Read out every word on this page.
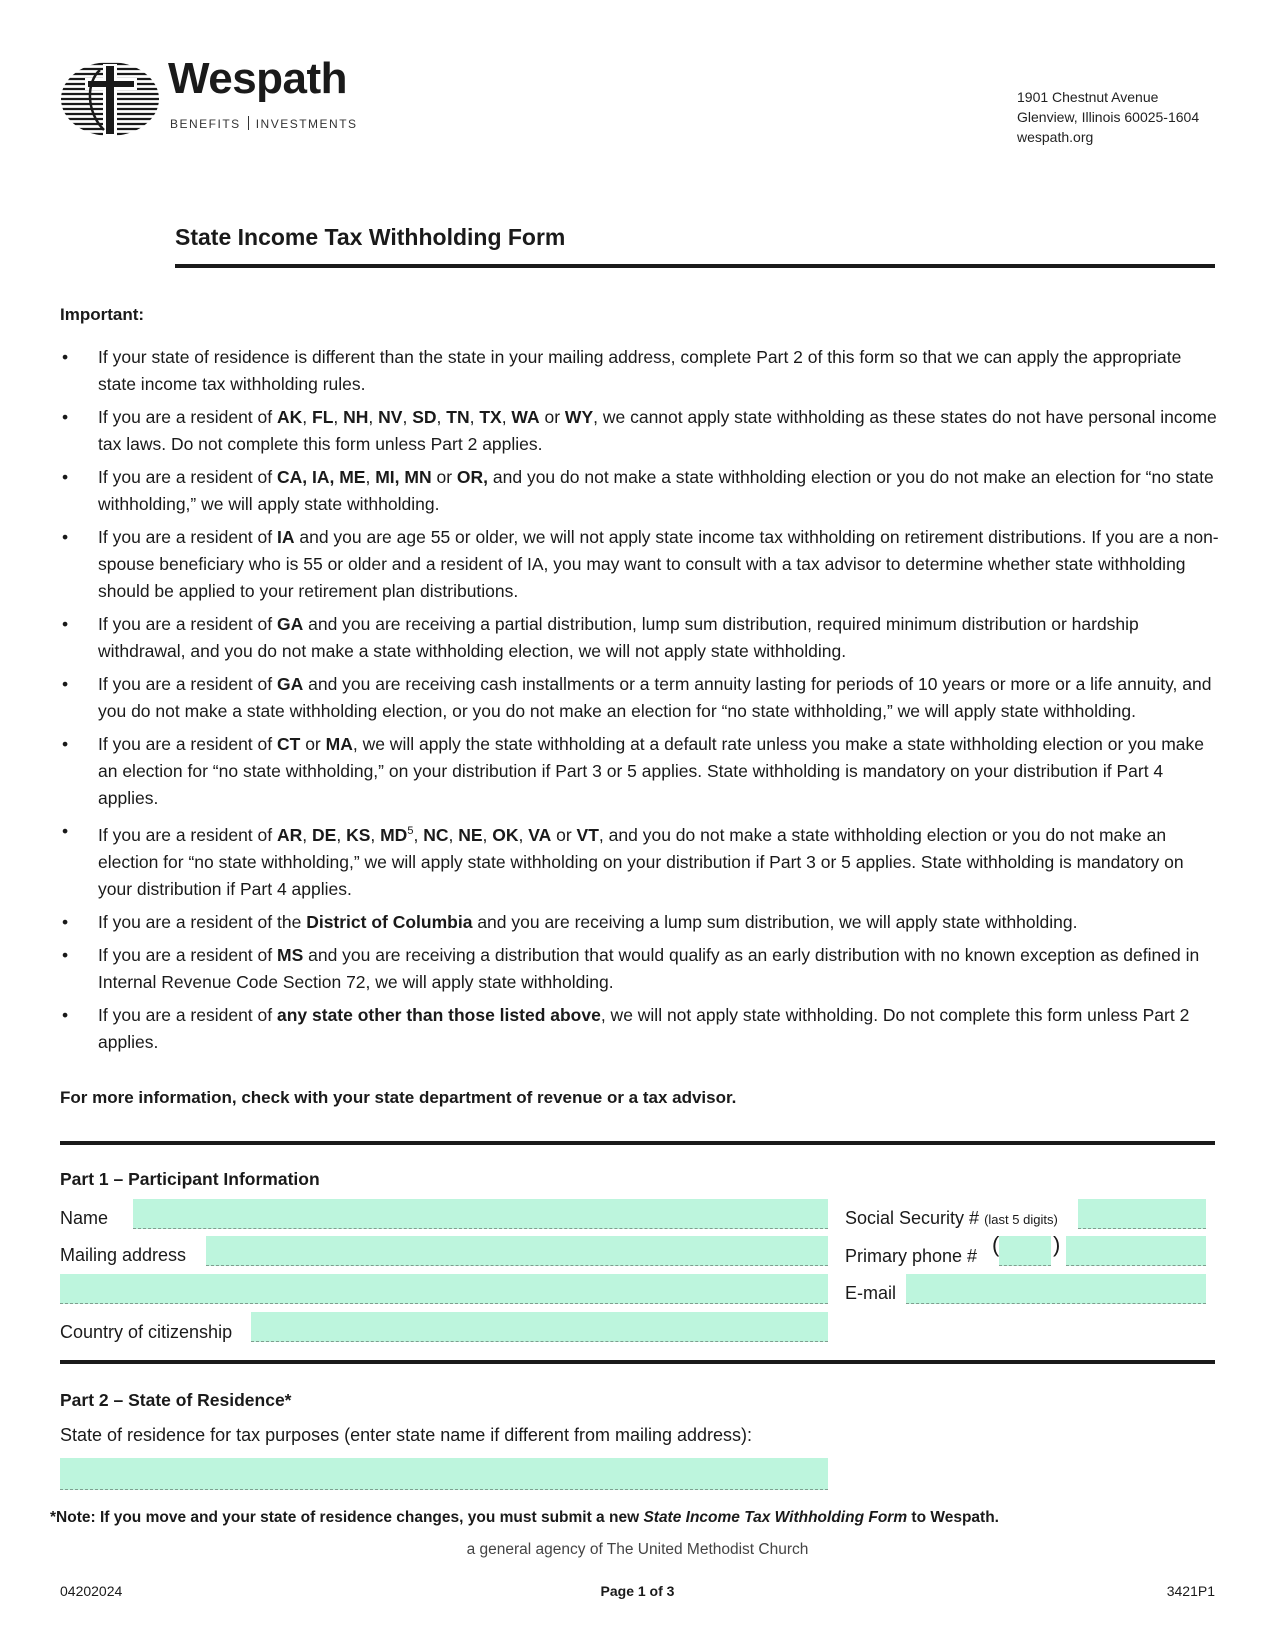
Wespath
BENEFITS INVESTMENTS
1901 Chestnut Avenue
Glenview, Illinois 60025-1604
wespath.org
State Income Tax Withholding Form
Important:
• If your state of residence is different than the state in your mailing address, complete Part 2 of this form so that we can apply the appropriate state income tax withholding rules.
• If you are a resident of AK, FL, NH, NV, SD, TN, TX, WA or WY, we cannot apply state withholding as these states do not have personal income tax laws. Do not complete this form unless Part 2 applies.
• If you are a resident of CA, IA, ME, MI, MN or OR, and you do not make a state withholding election or you do not make an election for “no state withholding,” we will apply state withholding.
• If you are a resident of IA and you are age 55 or older, we will not apply state income tax withholding on retirement distributions. If you are a non-spouse beneficiary who is 55 or older and a resident of IA, you may want to consult with a tax advisor to determine whether state withholding should be applied to your retirement plan distributions.
• If you are a resident of GA and you are receiving a partial distribution, lump sum distribution, required minimum distribution or hardship withdrawal, and you do not make a state withholding election, we will not apply state withholding.
• If you are a resident of GA and you are receiving cash installments or a term annuity lasting for periods of 10 years or more or a life annuity, and you do not make a state withholding election, or you do not make an election for “no state withholding,” we will apply state withholding.
• If you are a resident of CT or MA, we will apply the state withholding at a default rate unless you make a state withholding election or you make an election for “no state withholding,” on your distribution if Part 3 or 5 applies. State withholding is mandatory on your distribution if Part 4 applies.
• If you are a resident of AR, DE, KS, $MD^5$, NC, NE, OK, VA or VT, and you do not make a state withholding election or you do not make an election for “no state withholding,” we will apply state withholding on your distribution if Part 3 or 5 applies. State withholding is mandatory on your distribution if Part 4 applies.
• If you are a resident of the District of Columbia and you are receiving a lump sum distribution, we will apply state withholding.
• If you are a resident of MS and you are receiving a distribution that would qualify as an early distribution with no known exception as defined in Internal Revenue Code Section 72, we will apply state withholding.
• If you are a resident of any state other than those listed above, we will not apply state withholding. Do not complete this form unless Part 2 applies.
For more information, check with your state department of revenue or a tax advisor.
Part 1 – Participant Information
Name
Mailing address
Country of citizenship
Social Security # (last 5 digits)
Primary phone # ( )
E-mail
Part 2 – State of Residence*
State of residence for tax purposes (enter state name if different from mailing address):
*Note: If you move and your state of residence changes, you must submit a new State Income Tax Withholding Form to Wespath.
a general agency of The United Methodist Church
04202024	Page 1 of 3	3421P1
